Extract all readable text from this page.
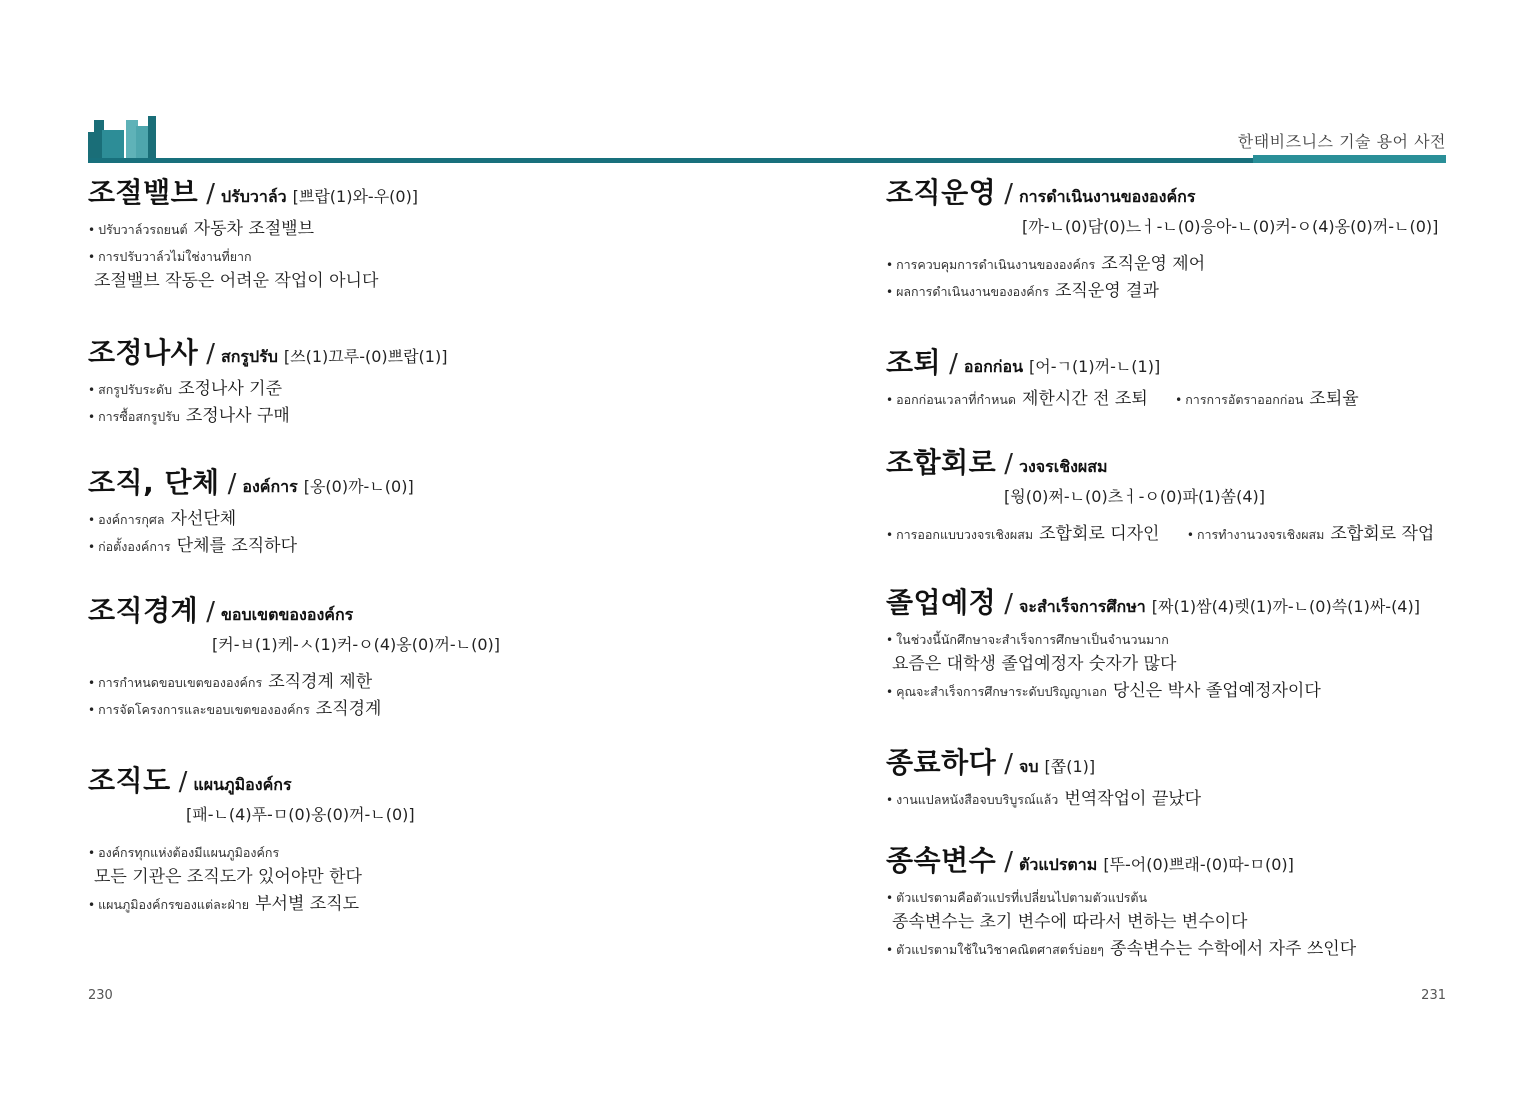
한태비즈니스 기술 용어 사전
조절밸브 / ปรับวาล์ว [쁘랍(1)와-우(0)]
• ปรับวาล์วรถยนต์ 자동차 조절밸브
• การปรับวาล์วไม่ใช่งานที่ยาก
조절밸브 작동은 어려운 작업이 아니다
조정나사 / สกรูปรับ [쓰(1)끄루-(0)쁘랍(1)]
• สกรูปรับระดับ 조정나사 기준
• การซื้อสกรูปรับ 조정나사 구매
조직, 단체 / องค์การ [옹(0)까-ㄴ(0)]
• องค์การกุศล 자선단체
• ก่อตั้งองค์การ 단체를 조직하다
조직경계 / ขอบเขตขององค์กร
[커-ㅂ(1)케-ㅅ(1)커-ㅇ(4)옹(0)꺼-ㄴ(0)]
• การกำหนดขอบเขตขององค์กร 조직경계 제한
• การจัดโครงการและขอบเขตขององค์กร 조직경계
조직도 / แผนภูมิองค์กร
[패-ㄴ(4)푸-ㅁ(0)옹(0)꺼-ㄴ(0)]
• องค์กรทุกแห่งต้องมีแผนภูมิองค์กร
모든 기관은 조직도가 있어야만 한다
• แผนภูมิองค์กรของแต่ละฝ่าย 부서별 조직도
조직운영 / การดำเนินงานขององค์กร
[까-ㄴ(0)담(0)느ㅓ-ㄴ(0)응아-ㄴ(0)커-ㅇ(4)옹(0)꺼-ㄴ(0)]
• การควบคุมการดำเนินงานขององค์กร 조직운영 제어
• ผลการดำเนินงานขององค์กร 조직운영 결과
조퇴 / ออกก่อน [어-ㄱ(1)꺼-ㄴ(1)]
• ออกก่อนเวลาที่กำหนด 제한시간 전 조퇴 • การการอัตราออกก่อน 조퇴율
조합회로 / วงจรเชิงผสม
[웡(0)쩌-ㄴ(0)츠ㅓ-ㅇ(0)파(1)쏨(4)]
• การออกแบบวงจรเชิงผสม 조합회로 디자인 • การทำงานวงจรเชิงผสม 조합회로 작업
졸업예정 / จะสำเร็จการศึกษา [짜(1)쌈(4)렛(1)까-ㄴ(0)쓱(1)싸-(4)]
• ในช่วงนี้นักศึกษาจะสำเร็จการศึกษาเป็นจำนวนมาก
요즘은 대학생 졸업예정자 숫자가 많다
• คุณจะสำเร็จการศึกษาระดับปริญญาเอก 당신은 박사 졸업예정자이다
종료하다 / จบ [쫍(1)]
• งานแปลหนังสือจบบริบูรณ์แล้ว 번역작업이 끝났다
종속변수 / ตัวแปรตาม [뚜-어(0)쁘래-(0)따-ㅁ(0)]
• ตัวแปรตามคือตัวแปรที่เปลี่ยนไปตามตัวแปรต้น
종속변수는 초기 변수에 따라서 변하는 변수이다
• ตัวแปรตามใช้ในวิชาคณิตศาสตร์บ่อยๆ 종속변수는 수학에서 자주 쓰인다
230	231
